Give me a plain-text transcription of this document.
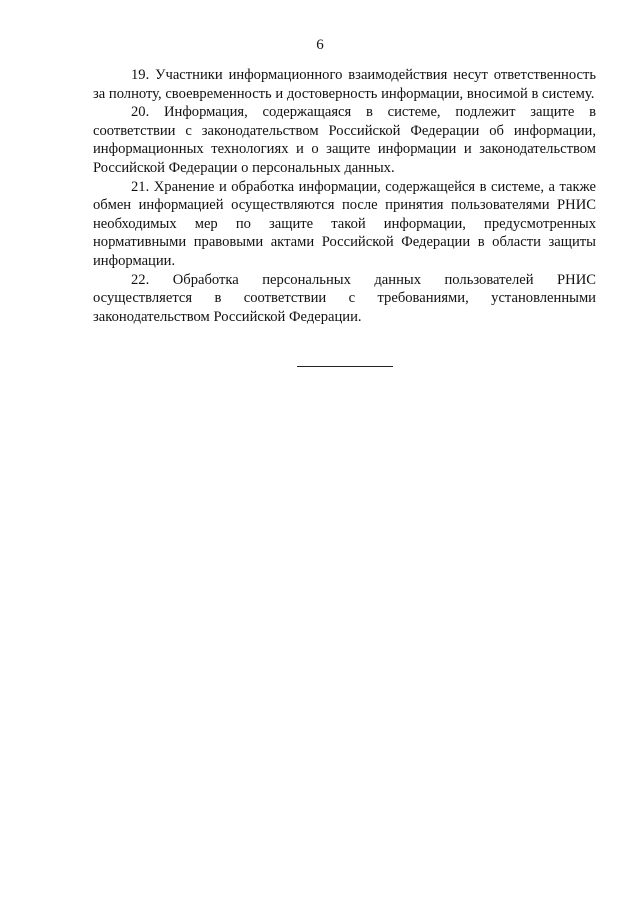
6

19. Участники информационного взаимодействия несут ответственность за полноту, своевременность и достоверность информации, вносимой в систему.

20. Информация, содержащаяся в системе, подлежит защите в соответствии с законодательством Российской Федерации об информации, информационных технологиях и о защите информации и законодательством Российской Федерации о персональных данных.

21. Хранение и обработка информации, содержащейся в системе, а также обмен информацией осуществляются после принятия пользователями РНИС необходимых мер по защите такой информации, предусмотренных нормативными правовыми актами Российской Федерации в области защиты информации.

22. Обработка персональных данных пользователей РНИС осуществляется в соответствии с требованиями, установленными законодательством Российской Федерации.
